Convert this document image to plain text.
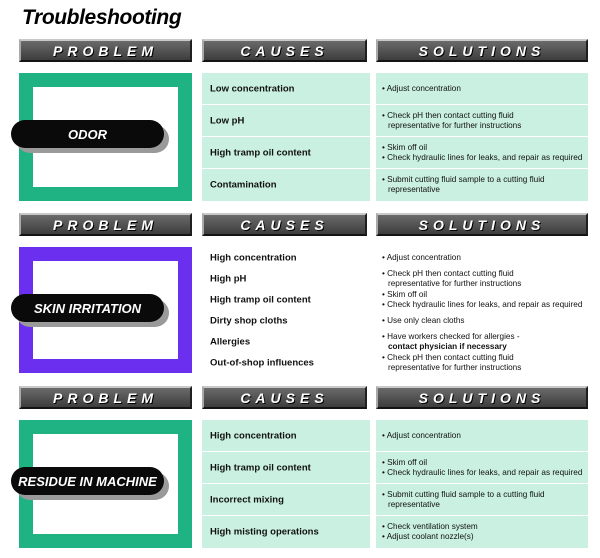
Troubleshooting
PROBLEM	CAUSES	SOLUTIONS
ODOR
Low concentration	• Adjust concentration
Low pH	• Check pH then contact cutting fluid
representative for further instructions
High tramp oil content	• Skim off oil
• Check hydraulic lines for leaks, and repair as required
Contamination	• Submit cutting fluid sample to a cutting fluid
representative
PROBLEM	CAUSES	SOLUTIONS
SKIN IRRITATION
High concentration	• Adjust concentration
High pH	• Check pH then contact cutting fluid
representative for further instructions
High tramp oil content	• Skim off oil
• Check hydraulic lines for leaks, and repair as required
Dirty shop cloths	• Use only clean cloths
Allergies	• Have workers checked for allergies -
contact physician if necessary
Out-of-shop influences	• Check pH then contact cutting fluid
representative for further instructions
PROBLEM	CAUSES	SOLUTIONS
RESIDUE IN MACHINE
High concentration	• Adjust concentration
High tramp oil content	• Skim off oil
• Check hydraulic lines for leaks, and repair as required
Incorrect mixing	• Submit cutting fluid sample to a cutting fluid
representative
High misting operations	• Check ventilation system
• Adjust coolant nozzle(s)
